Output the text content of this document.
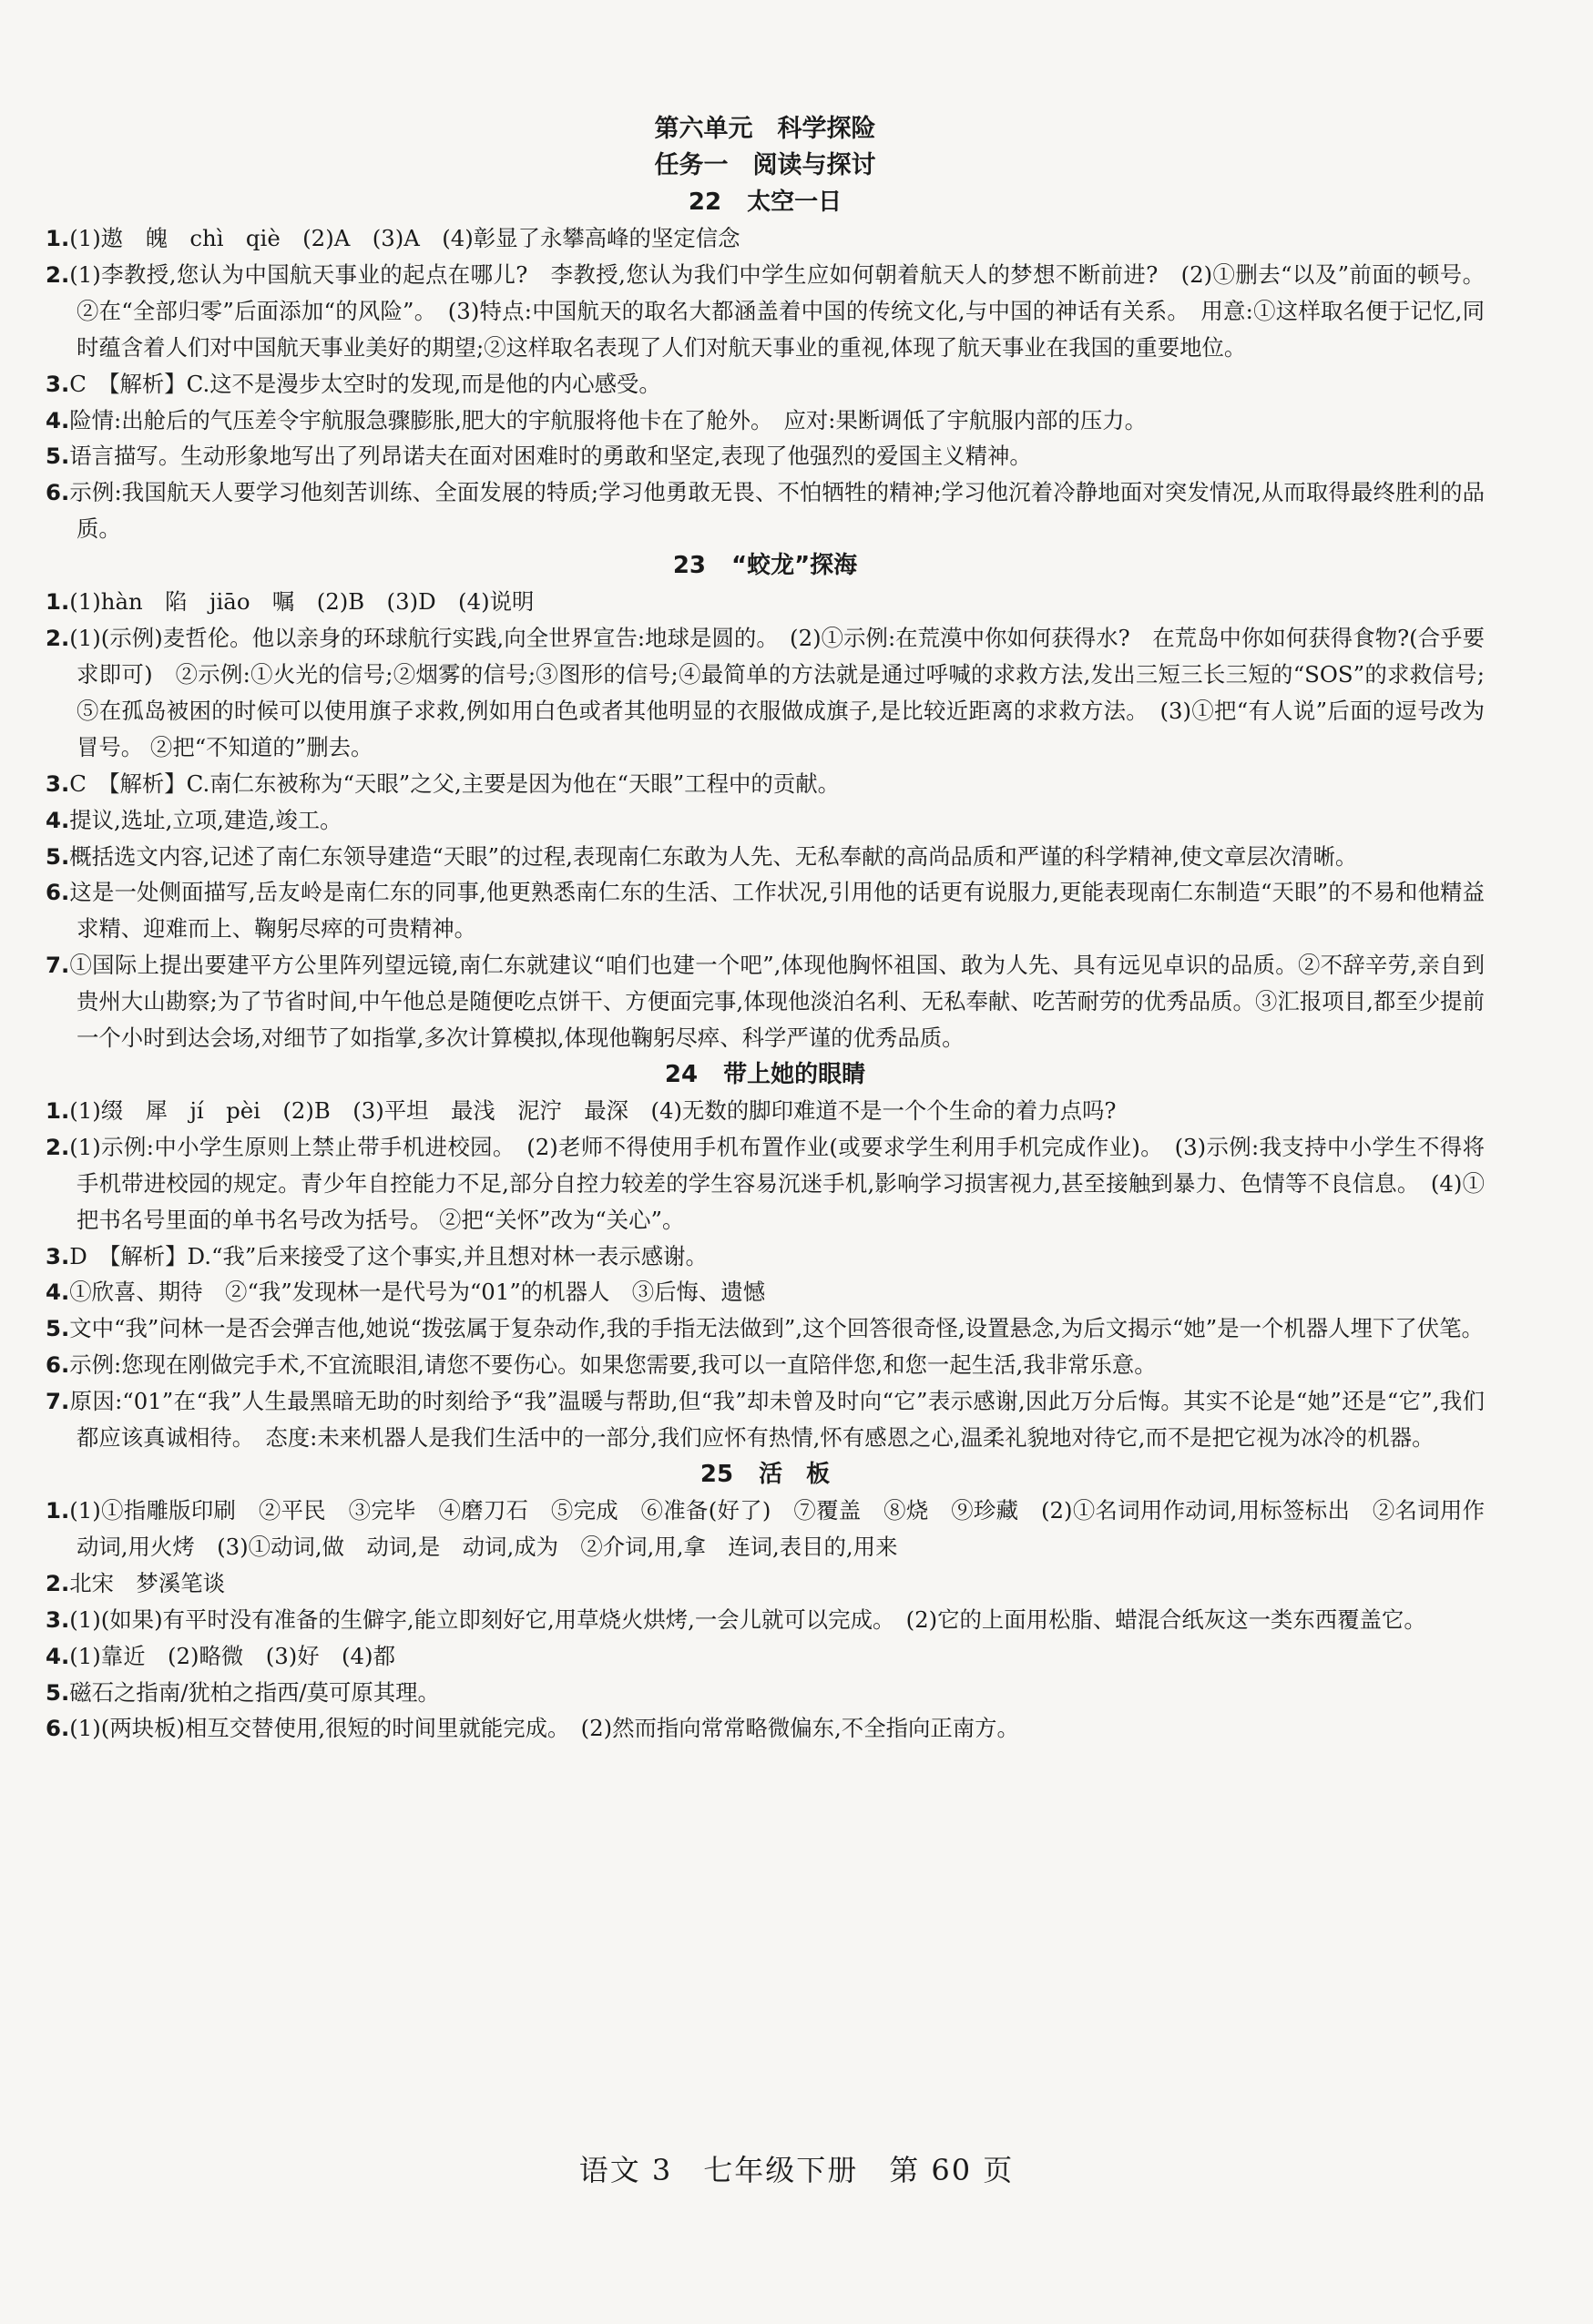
第六单元　科学探险
任务一　阅读与探讨
22 太空一日
1.(1)遨　魄　chì　qiè　(2)A　(3)A　(4)彰显了永攀高峰的坚定信念
2.(1)李教授,您认为中国航天事业的起点在哪儿?　李教授,您认为我们中学生应如何朝着航天人的梦想不断前进?　(2)①删去“以及”前面的顿号。 ②在“全部归零”后面添加“的风险”。　(3)特点:中国航天的取名大都涵盖着中国的传统文化,与中国的神话有关系。　用意:①这样取名便于记忆,同时蕴含着人们对中国航天事业美好的期望;②这样取名表现了人们对航天事业的重视,体现了航天事业在我国的重要地位。
3.C　【解析】C.这不是漫步太空时的发现,而是他的内心感受。
4.险情:出舱后的气压差令宇航服急骤膨胀,肥大的宇航服将他卡在了舱外。　应对:果断调低了宇航服内部的压力。
5.语言描写。生动形象地写出了列昂诺夫在面对困难时的勇敢和坚定,表现了他强烈的爱国主义精神。
6.示例:我国航天人要学习他刻苦训练、全面发展的特质;学习他勇敢无畏、不怕牺牲的精神;学习他沉着冷静地面对突发情况,从而取得最终胜利的品质。
23 “蛟龙”探海
1.(1)hàn　陷　jiāo　嘱　(2)B　(3)D　(4)说明
2.(1)(示例)麦哲伦。他以亲身的环球航行实践,向全世界宣告:地球是圆的。　(2)①示例:在荒漠中你如何获得水?　在荒岛中你如何获得食物?(合乎要求即可)　②示例:①火光的信号;②烟雾的信号;③图形的信号;④最简单的方法就是通过呼喊的求救方法,发出三短三长三短的“SOS”的求救信号;⑤在孤岛被困的时候可以使用旗子求救,例如用白色或者其他明显的衣服做成旗子,是比较近距离的求救方法。　(3)①把“有人说”后面的逗号改为冒号。 ②把“不知道的”删去。
3.C　【解析】C.南仁东被称为“天眼”之父,主要是因为他在“天眼”工程中的贡献。
4.提议,选址,立项,建造,竣工。
5.概括选文内容,记述了南仁东领导建造“天眼”的过程,表现南仁东敢为人先、无私奉献的高尚品质和严谨的科学精神,使文章层次清晰。
6.这是一处侧面描写,岳友岭是南仁东的同事,他更熟悉南仁东的生活、工作状况,引用他的话更有说服力,更能表现南仁东制造“天眼”的不易和他精益求精、迎难而上、鞠躬尽瘁的可贵精神。
7.①国际上提出要建平方公里阵列望远镜,南仁东就建议“咱们也建一个吧”,体现他胸怀祖国、敢为人先、具有远见卓识的品质。②不辞辛劳,亲自到贵州大山勘察;为了节省时间,中午他总是随便吃点饼干、方便面完事,体现他淡泊名利、无私奉献、吃苦耐劳的优秀品质。③汇报项目,都至少提前一个小时到达会场,对细节了如指掌,多次计算模拟,体现他鞠躬尽瘁、科学严谨的优秀品质。
24 带上她的眼睛
1.(1)缀　犀　jí　pèi　(2)B　(3)平坦　最浅　泥泞　最深　(4)无数的脚印难道不是一个个生命的着力点吗?
2.(1)示例:中小学生原则上禁止带手机进校园。　(2)老师不得使用手机布置作业(或要求学生利用手机完成作业)。　(3)示例:我支持中小学生不得将手机带进校园的规定。青少年自控能力不足,部分自控力较差的学生容易沉迷手机,影响学习损害视力,甚至接触到暴力、色情等不良信息。　(4)①把书名号里面的单书名号改为括号。 ②把“关怀”改为“关心”。
3.D　【解析】D.“我”后来接受了这个事实,并且想对林一表示感谢。
4.①欣喜、期待　②“我”发现林一是代号为“01”的机器人　③后悔、遗憾
5.文中“我”问林一是否会弹吉他,她说“拨弦属于复杂动作,我的手指无法做到”,这个回答很奇怪,设置悬念,为后文揭示“她”是一个机器人埋下了伏笔。
6.示例:您现在刚做完手术,不宜流眼泪,请您不要伤心。如果您需要,我可以一直陪伴您,和您一起生活,我非常乐意。
7.原因:“01”在“我”人生最黑暗无助的时刻给予“我”温暖与帮助,但“我”却未曾及时向“它”表示感谢,因此万分后悔。其实不论是“她”还是“它”,我们都应该真诚相待。　态度:未来机器人是我们生活中的一部分,我们应怀有热情,怀有感恩之心,温柔礼貌地对待它,而不是把它视为冰冷的机器。
25 活　板
1.(1)①指雕版印刷　②平民　③完毕　④磨刀石　⑤完成　⑥准备(好了)　⑦覆盖　⑧烧　⑨珍藏　(2)①名词用作动词,用标签标出　②名词用作动词,用火烤　(3)①动词,做　动词,是　动词,成为　②介词,用,拿　连词,表目的,用来
2.北宋　梦溪笔谈
3.(1)(如果)有平时没有准备的生僻字,能立即刻好它,用草烧火烘烤,一会儿就可以完成。　(2)它的上面用松脂、蜡混合纸灰这一类东西覆盖它。
4.(1)靠近　(2)略微　(3)好　(4)都
5.磁石之指南/犹柏之指西/莫可原其理。
6.(1)(两块板)相互交替使用,很短的时间里就能完成。　(2)然而指向常常略微偏东,不全指向正南方。
语文 3　七年级下册　第 60 页
